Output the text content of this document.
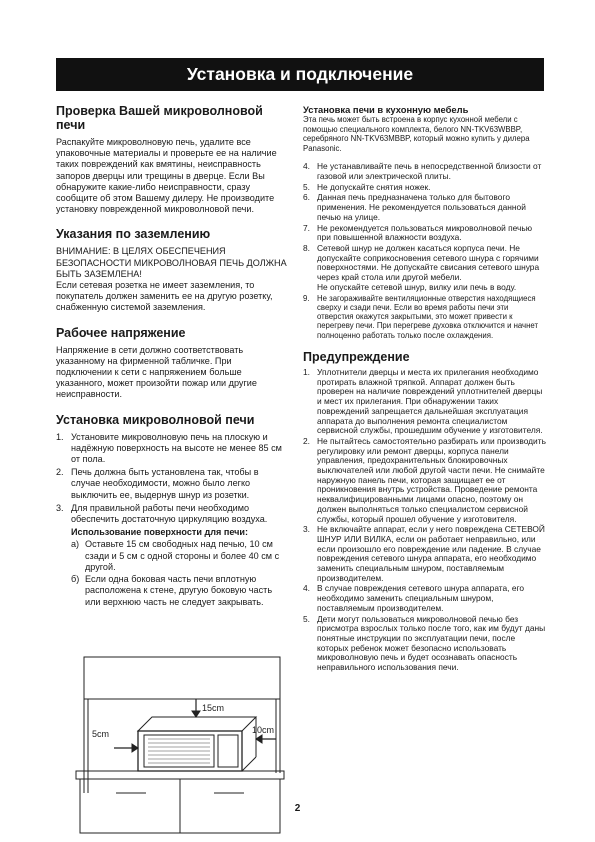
Установка и подключение
Проверка Вашей микроволновой печи

Распакуйте микроволновую печь, удалите все упаковочные материалы и проверьте ее на наличие таких повреждений как вмятины, неисправность запоров дверцы или трещины в дверце. Если Вы обнаружите какие-либо неисправности, сразу сообщите об этом Вашему дилеру. Не производите установку поврежденной микроволновой печи.

Указания по заземлению

ВНИМАНИЕ: В ЦЕЛЯХ ОБЕСПЕЧЕНИЯ БЕЗОПАСНОСТИ МИКРОВОЛНОВАЯ ПЕЧЬ ДОЛЖНА БЫТЬ ЗАЗЕМЛЕНА!

Если сетевая розетка не имеет заземления, то покупатель должен заменить ее на другую розетку, снабженную системой заземления.

Рабочее напряжение

Напряжение в сети должно соответствовать указанному на фирменной табличке. При подключении к сети с напряжением больше указанного, может произойти пожар или другие неисправности.

Установка микроволновой печи
1. Установите микроволновую печь на плоскую и надёжную поверхность на высоте не менее 85 см от пола.
2. Печь должна быть установлена так, чтобы в случае необходимости, можно было легко выключить ее, выдернув шнур из розетки.
3. Для правильной работы печи необходимо обеспечить достаточную циркуляцию воздуха.
Использование поверхности для печи:
а) Оставьте 15 см свободных над печью, 10 см сзади и 5 см с одной стороны и более 40 см с другой.
б) Если одна боковая часть печи вплотную расположена к стене, другую боковую часть или верхнюю часть не следует закрывать.
15cm
5cm	10cm
Установка печи в кухонную мебель

Эта печь может быть встроена в корпус кухонной мебели с помощью специального комплекта, белого NN-TKV63WBBP, серебряного NN-TKV63MBBP, который можно купить у дилера Panasonic.

4. Не устанавливайте печь в непосредственной близости от газовой или электрической плиты.
5. Не допускайте снятия ножек.
6. Данная печь предназначена только для бытового применения. Не рекомендуется пользоваться данной печью на улице.
7. Не рекомендуется пользоваться микроволновой печью при повышенной влажности воздуха.
8. Сетевой шнур не должен касаться корпуса печи. Не допускайте соприкосновения сетевого шнура с горячими поверхностями. Не допускайте свисания сетевого шнура через край стола или другой мебели.
Не опускайте сетевой шнур, вилку или печь в воду.
9. Не загораживайте вентиляционные отверстия находящиеся сверху и сзади печи. Если во время работы печи эти отверстия окажутся закрытыми, это может привести к перегреву печи. При перегреве духовка отключится и начнет полноценно работать только после охлаждения.
Предупреждение
1. Уплотнители дверцы и места их прилегания необходимо протирать влажной тряпкой. Аппарат должен быть проверен на наличие повреждений уплотнителей дверцы и мест их прилегания. При обнаружении таких повреждений запрещается дальнейшая эксплуатация аппарата до выполнения ремонта специалистом сервисной службы, прошедшим обучение у изготовителя.
2. Не пытайтесь самостоятельно разбирать или производить регулировку или ремонт дверцы, корпуса панели управления, предохранительных блокировочных выключателей или любой другой части печи. Не снимайте наружную панель печи, которая защищает ее от проникновения внутрь устройства. Проведение ремонта неквалифицированными лицами опасно, поэтому он должен выполняться только специалистом сервисной службы, который прошел обучение у изготовителя.
3. Не включайте аппарат, если у него поврежденa СЕТЕВОЙ ШНУР ИЛИ ВИЛКА, если он работает неправильно, или если произошло его повреждение или падение. В случае повреждения сетевого шнура аппарата, его необходимо заменить специальным шнуром, поставляемым производителем.
4. В случае повреждения сетевого шнура аппарата, его необходимо заменить специальным шнуром, поставляемым производителем.
5. Дети могут пользоваться микроволновой печью без присмотра взрослых только после того, как им будут даны понятные инструкции по эксплуатации печи, после которых ребенок может безопасно использовать микроволновую печь и будет осознавать опасность неправильного использования печи.
2
